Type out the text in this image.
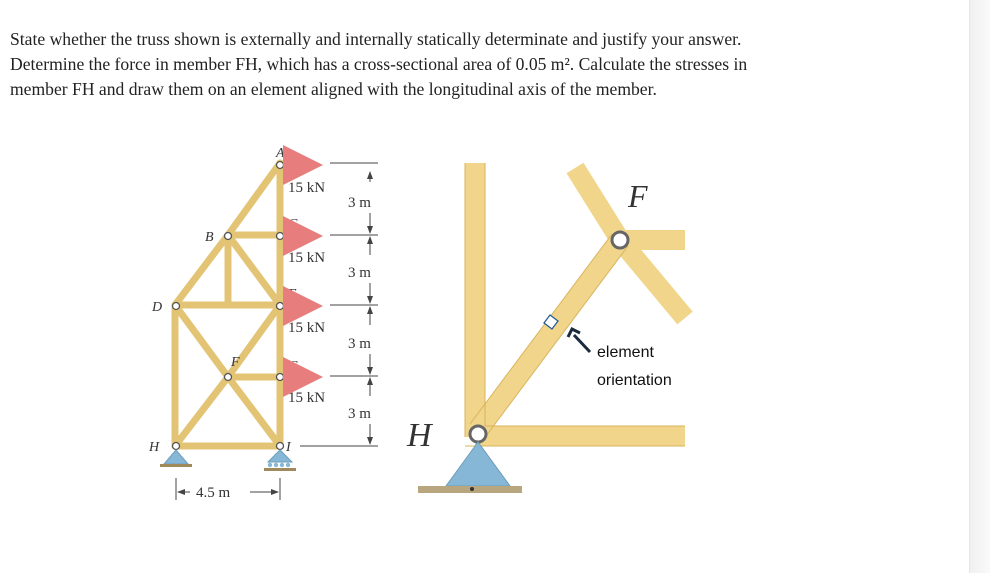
State whether the truss shown is externally and internally statically determinate and justify your answer.

Determine the force in member FH, which has a cross-sectional area of 0.05 m². Calculate the stresses in

member FH and draw them on an element aligned with the longitudinal axis of the member.

A
B
C
D
E
F	G
H	I
15 kN
15 kN
15 kN
15 kN
3 m
3 m
3 m
3 m
4.5 m
F
H
element
orientation
